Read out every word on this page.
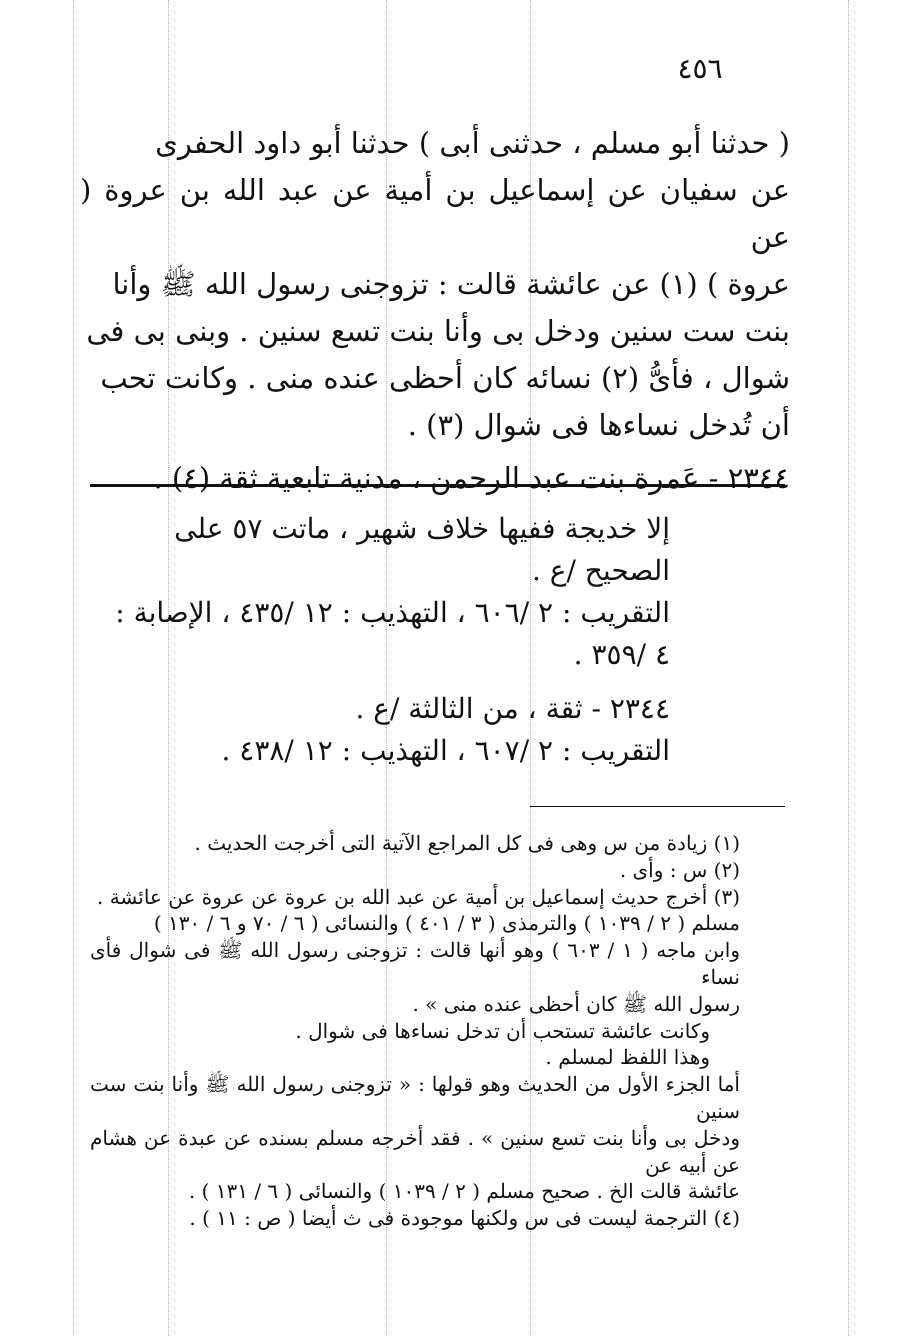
٤٥٦

( حدثنا أبو مسلم ، حدثنى أبى ) حدثنا أبو داود الحفرى

عن سفيان عن إسماعيل بن أمية عن عبد الله بن عروة ( عن

عروة ) (١) عن عائشة قالت : تزوجنى رسول الله ﷺ وأنا

بنت ست سنين ودخل بى وأنا بنت تسع سنين . وبنى بى فى

شوال ، فأىُّ (٢) نسائه كان أحظى عنده منى . وكانت تحب

أن تُدخل نساءها فى شوال (٣) .

٢٣٤٤ - عَمرة بنت عبد الرحمن ، مدنية تابعية ثقة (٤) .

إلا خديجة ففيها خلاف شهير ، ماتت ٥٧ على

الصحيح /ع .

التقريب : ٢ /٦٠٦ ، التهذيب : ١٢ /٤٣٥ ، الإصابة :

٤ /٣٥٩ .

٢٣٤٤ - ثقة ، من الثالثة /ع .

التقريب : ٢ /٦٠٧ ، التهذيب : ١٢ /٤٣٨ .

(١) زيادة من س وهى فى كل المراجع الآتية التى أخرجت الحديث .

(٢) س : وأى .

(٣) أخرج حديث إسماعيل بن أمية عن عبد الله بن عروة عن عروة عن عائشة .

مسلم ( ٢ / ١٠٣٩ ) والترمذى ( ٣ / ٤٠١ ) والنسائى ( ٦ / ٧٠ و ٦ / ١٣٠ )

وابن ماجه ( ١ / ٦٠٣ ) وهو أنها قالت : تزوجنى رسول الله ﷺ فى شوال فأى نساء

رسول الله ﷺ كان أحظى عنده منى » .

وكانت عائشة تستحب أن تدخل نساءها فى شوال .

وهذا اللفظ لمسلم .

أما الجزء الأول من الحديث وهو قولها : « تزوجنى رسول الله ﷺ وأنا بنت ست سنين

ودخل بى وأنا بنت تسع سنين » . فقد أخرجه مسلم بسنده عن عبدة عن هشام عن أبيه عن

عائشة قالت الخ . صحيح مسلم ( ٢ / ١٠٣٩ ) والنسائى ( ٦ / ١٣١ ) .

(٤) الترجمة ليست فى س ولكنها موجودة فى ث أيضا ( ص : ١١ ) .
